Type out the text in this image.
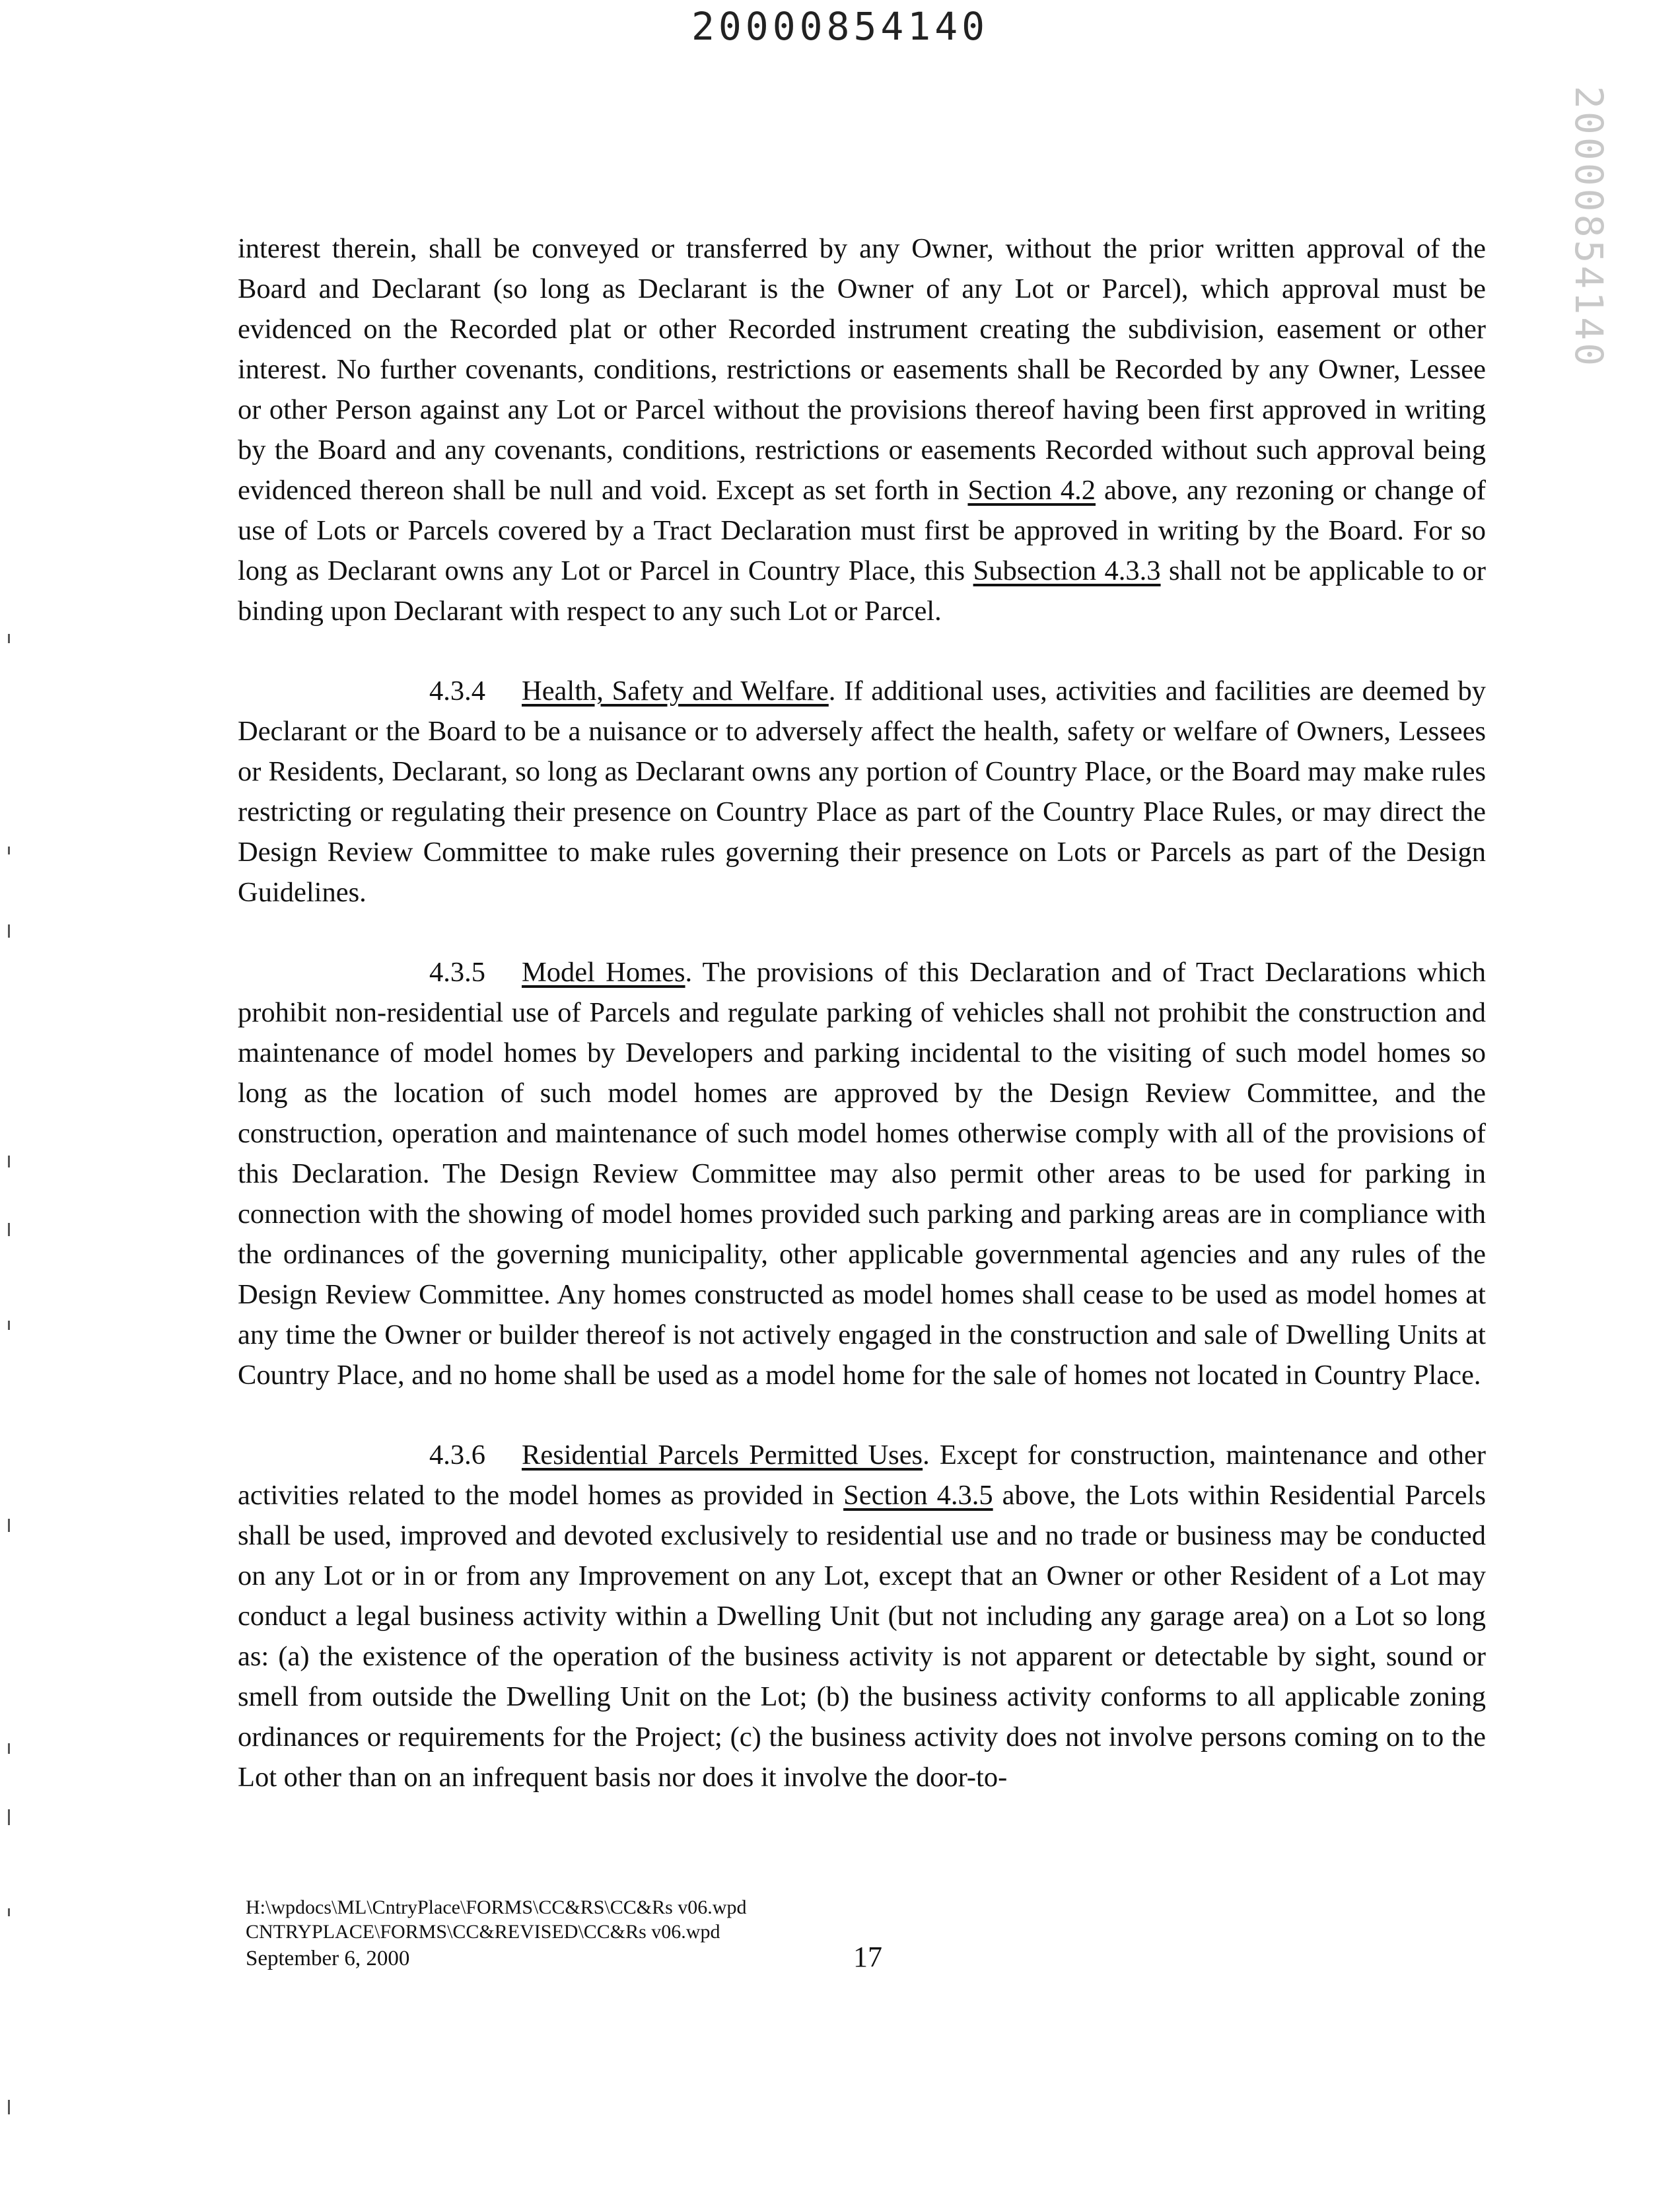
20000854140
20000854140

interest therein, shall be conveyed or transferred by any Owner, without the prior written approval of the Board and Declarant (so long as Declarant is the Owner of any Lot or Parcel), which approval must be evidenced on the Recorded plat or other Recorded instrument creating the subdivision, easement or other interest. No further covenants, conditions, restrictions or easements shall be Recorded by any Owner, Lessee or other Person against any Lot or Parcel without the provisions thereof having been first approved in writing by the Board and any covenants, conditions, restrictions or easements Recorded without such approval being evidenced thereon shall be null and void. Except as set forth in Section 4.2 above, any rezoning or change of use of Lots or Parcels covered by a Tract Declaration must first be approved in writing by the Board. For so long as Declarant owns any Lot or Parcel in Country Place, this Subsection 4.3.3 shall not be applicable to or binding upon Declarant with respect to any such Lot or Parcel.

4.3.4 Health, Safety and Welfare. If additional uses, activities and facilities are deemed by Declarant or the Board to be a nuisance or to adversely affect the health, safety or welfare of Owners, Lessees or Residents, Declarant, so long as Declarant owns any portion of Country Place, or the Board may make rules restricting or regulating their presence on Country Place as part of the Country Place Rules, or may direct the Design Review Committee to make rules governing their presence on Lots or Parcels as part of the Design Guidelines.

4.3.5 Model Homes. The provisions of this Declaration and of Tract Declarations which prohibit non-residential use of Parcels and regulate parking of vehicles shall not prohibit the construction and maintenance of model homes by Developers and parking incidental to the visiting of such model homes so long as the location of such model homes are approved by the Design Review Committee, and the construction, operation and maintenance of such model homes otherwise comply with all of the provisions of this Declaration. The Design Review Committee may also permit other areas to be used for parking in connection with the showing of model homes provided such parking and parking areas are in compliance with the ordinances of the governing municipality, other applicable governmental agencies and any rules of the Design Review Committee. Any homes constructed as model homes shall cease to be used as model homes at any time the Owner or builder thereof is not actively engaged in the construction and sale of Dwelling Units at Country Place, and no home shall be used as a model home for the sale of homes not located in Country Place.

4.3.6 Residential Parcels Permitted Uses. Except for construction, maintenance and other activities related to the model homes as provided in Section 4.3.5 above, the Lots within Residential Parcels shall be used, improved and devoted exclusively to residential use and no trade or business may be conducted on any Lot or in or from any Improvement on any Lot, except that an Owner or other Resident of a Lot may conduct a legal business activity within a Dwelling Unit (but not including any garage area) on a Lot so long as: (a) the existence of the operation of the business activity is not apparent or detectable by sight, sound or smell from outside the Dwelling Unit on the Lot; (b) the business activity conforms to all applicable zoning ordinances or requirements for the Project; (c) the business activity does not involve persons coming on to the Lot other than on an infrequent basis nor does it involve the door-to-

H:\wpdocs\ML\CntryPlace\FORMS\CC&RS\CC&Rs v06.wpd
CNTRYPLACE\FORMS\CC&REVISED\CC&Rs v06.wpd
September 6, 2000	17
